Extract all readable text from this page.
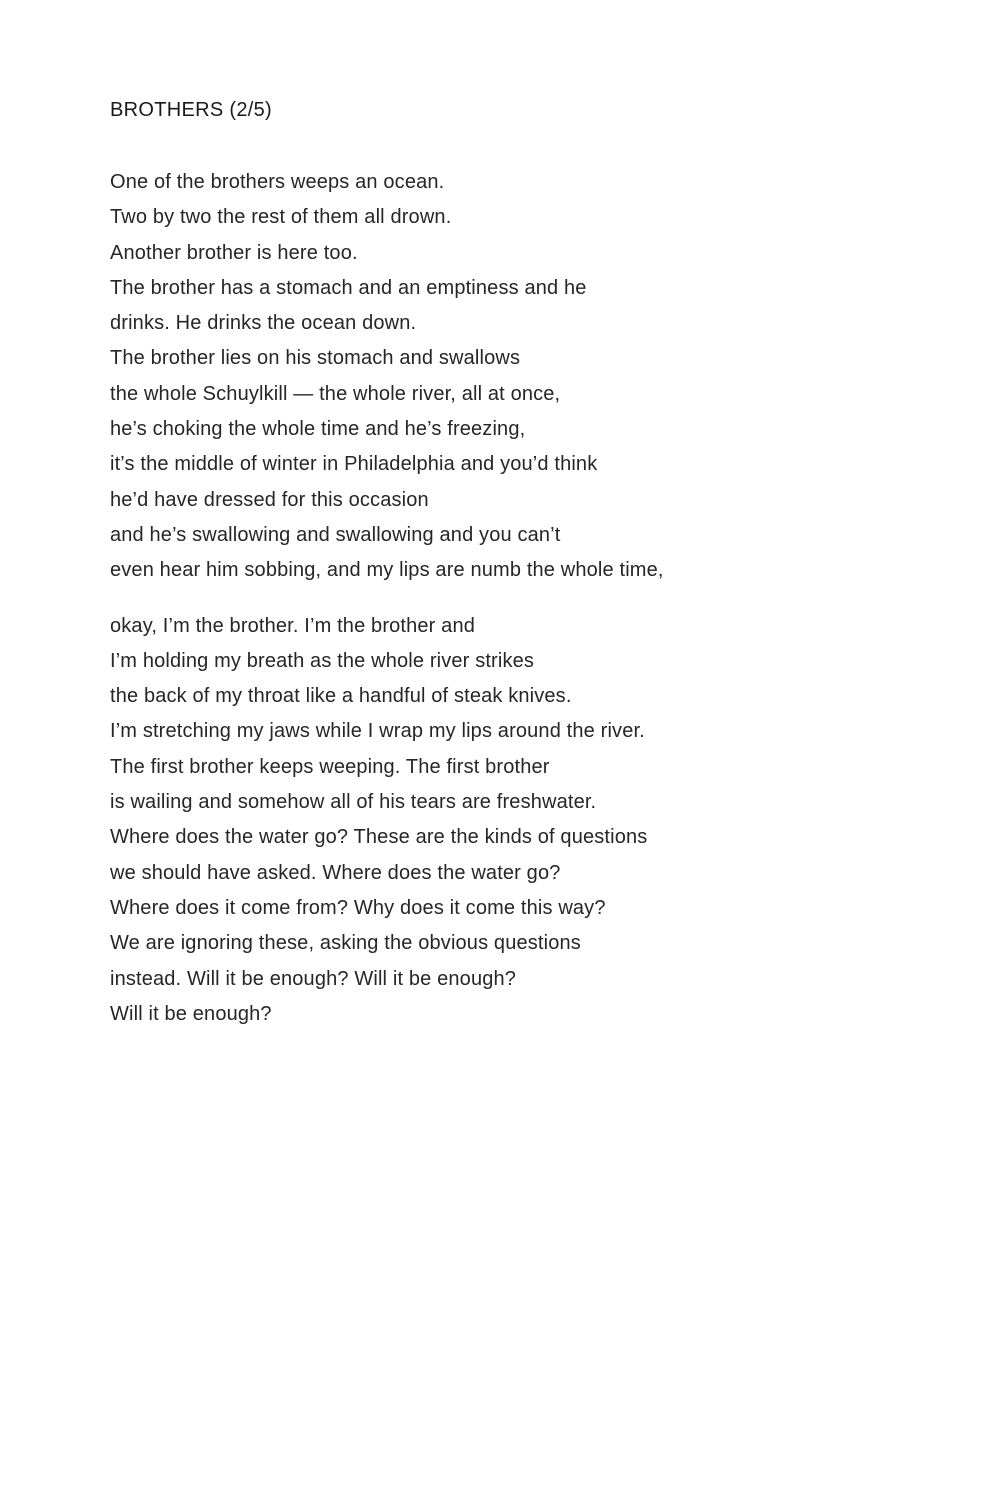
BROTHERS (2/5)
One of the brothers weeps an ocean.
Two by two the rest of them all drown.
Another brother is here too.
The brother has a stomach and an emptiness and he
drinks. He drinks the ocean down.
The brother lies on his stomach and swallows
the whole Schuylkill — the whole river, all at once,
he’s choking the whole time and he’s freezing,
it’s the middle of winter in Philadelphia and you’d think
he’d have dressed for this occasion
and he’s swallowing and swallowing and you can’t
even hear him sobbing, and my lips are numb the whole time,
okay, I’m the brother. I’m the brother and
I’m holding my breath as the whole river strikes
the back of my throat like a handful of steak knives.
I’m stretching my jaws while I wrap my lips around the river.
The first brother keeps weeping. The first brother
is wailing and somehow all of his tears are freshwater.
Where does the water go? These are the kinds of questions
we should have asked. Where does the water go?
Where does it come from? Why does it come this way?
We are ignoring these, asking the obvious questions
instead. Will it be enough? Will it be enough?
Will it be enough?
